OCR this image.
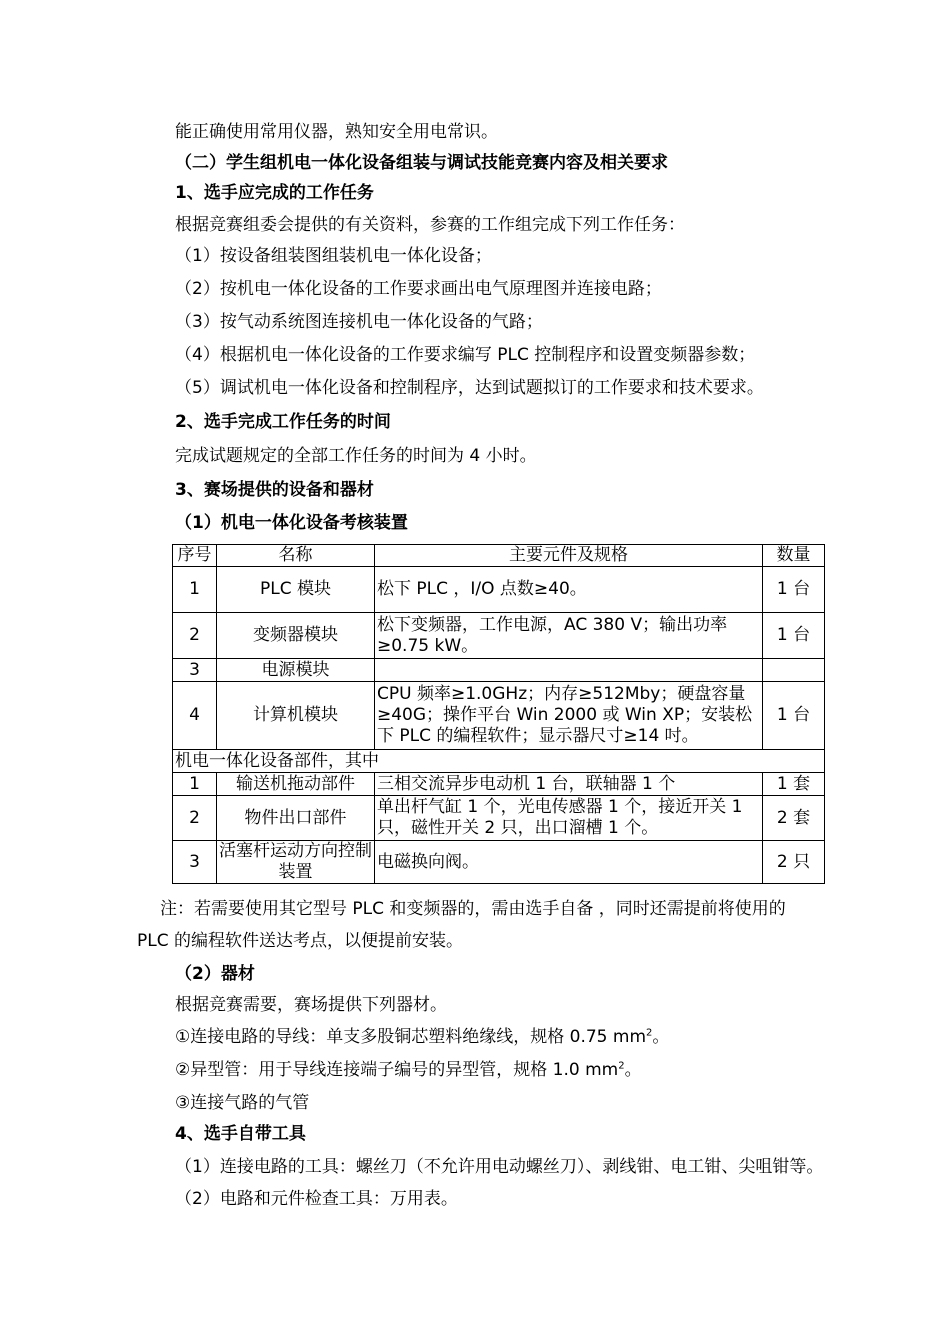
能正确使用常用仪器，熟知安全用电常识。
（二）学生组机电一体化设备组装与调试技能竞赛内容及相关要求
1、选手应完成的工作任务
根据竞赛组委会提供的有关资料，参赛的工作组完成下列工作任务：
（1）按设备组装图组装机电一体化设备；
（2）按机电一体化设备的工作要求画出电气原理图并连接电路；
（3）按气动系统图连接机电一体化设备的气路；
（4）根据机电一体化设备的工作要求编写 PLC 控制程序和设置变频器参数；
（5）调试机电一体化设备和控制程序，达到试题拟订的工作要求和技术要求。
2、选手完成工作任务的时间
完成试题规定的全部工作任务的时间为 4 小时。
3、赛场提供的设备和器材
（1）机电一体化设备考核装置
序号	名称	主要元件及规格	数量
1	PLC 模块	松下 PLC ，I/O 点数≥40。	1 台
2	变频器模块	松下变频器，工作电源，AC 380 V；输出功率≥0.75 kW。	1 台
3	电源模块		
4	计算机模块	CPU 频率≥1.0GHz；内存≥512Mby；硬盘容量≥40G；操作平台 Win 2000 或 Win XP；安装松下 PLC 的编程软件；显示器尺寸≥14 吋。	1 台
机电一体化设备部件，其中			
1	输送机拖动部件	三相交流异步电动机 1 台，联轴器 1 个	1 套
2	物件出口部件	单出杆气缸 1 个，光电传感器 1 个，接近开关 1 只，磁性开关 2 只，出口溜槽 1 个。	2 套
3	活塞杆运动方向控制装置	电磁换向阀。	2 只
注：若需要使用其它型号 PLC 和变频器的，需由选手自备 ，同时还需提前将使用的
PLC 的编程软件送达考点，以便提前安装。
（2）器材
根据竞赛需要，赛场提供下列器材。
①连接电路的导线：单支多股铜芯塑料绝缘线，规格 0.75 $mm^2$。
②异型管：用于导线连接端子编号的异型管，规格 1.0 $mm^2$。
③连接气路的气管
4、选手自带工具
（1）连接电路的工具：螺丝刀（不允许用电动螺丝刀）、剥线钳、电工钳、尖咀钳等。
（2）电路和元件检查工具：万用表。
